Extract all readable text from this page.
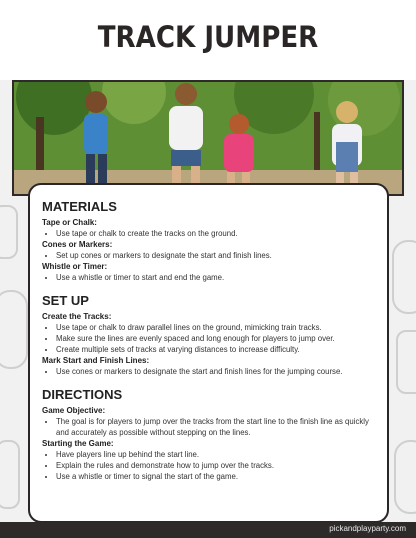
TRACK JUMPER
MATERIALS
Tape or Chalk:
• Use tape or chalk to create the tracks on the ground.
Cones or Markers:
• Set up cones or markers to designate the start and finish lines.
Whistle or Timer:
• Use a whistle or timer to start and end the game.
SET UP
Create the Tracks:
• Use tape or chalk to draw parallel lines on the ground, mimicking train tracks.
• Make sure the lines are evenly spaced and long enough for players to jump over.
• Create multiple sets of tracks at varying distances to increase difficulty.
Mark Start and Finish Lines:
• Use cones or markers to designate the start and finish lines for the jumping course.
DIRECTIONS
Game Objective:
• The goal is for players to jump over the tracks from the start line to the finish line as quickly and accurately as possible without stepping on the lines.
Starting the Game:
• Have players line up behind the start line.
• Explain the rules and demonstrate how to jump over the tracks.
• Use a whistle or timer to signal the start of the game.
pickandplayparty.com
